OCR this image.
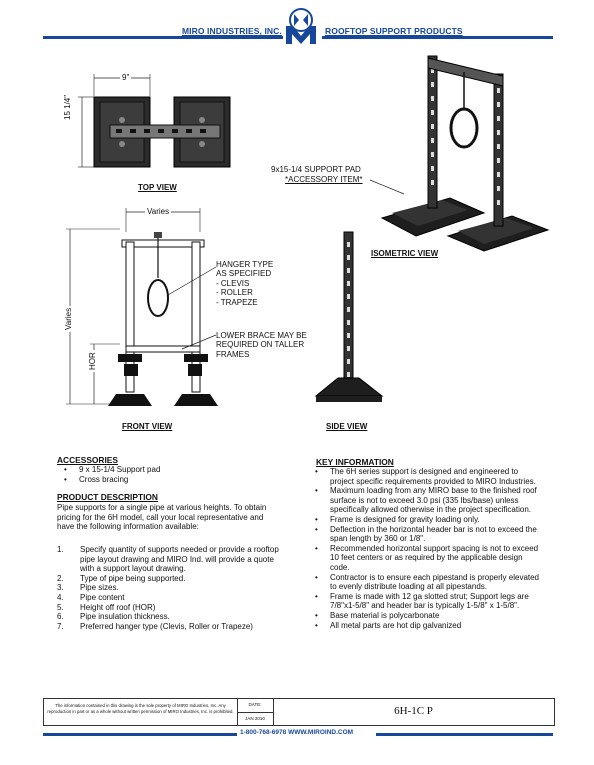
MIRO INDUSTRIES, INC.	ROOFTOP SUPPORT PRODUCTS
9"
15 1/4"
TOP VIEW
9x15-1/4 SUPPORT PAD
*ACCESSORY ITEM*
ISOMETRIC VIEW
Varies
Varies
HOR
HANGER TYPE
AS SPECIFIED
- CLEVIS
- ROLLER
- TRAPEZE
LOWER BRACE MAY BE
REQUIRED ON TALLER
FRAMES
FRONT VIEW	SIDE VIEW
ACCESSORIES
• 9 x 15-1/4 Support pad
• Cross bracing
PRODUCT DESCRIPTION
Pipe supports for a single pipe at various heights. To obtain pricing for the 6H model, call your local representative and have the following information available:
1. Specify quantity of supports needed or provide a rooftop pipe layout drawing and MIRO Ind. will provide a quote with a support layout drawing.
2. Type of pipe being supported.
3. Pipe sizes.
4. Pipe content
5. Height off roof (HOR)
6. Pipe insulation thickness.
7. Preferred hanger type (Clevis, Roller or Trapeze)
KEY INFORMATION
• The 6H series support is designed and engineered to project specific requirements provided to MIRO Industries.
• Maximum loading from any MIRO base to the finished roof surface is not to exceed 3.0 psi (335 lbs/base) unless specifically allowed otherwise in the project specification.
• Frame is designed for gravity loading only.
• Deflection in the horizontal header bar is not to exceed the span length by 360 or 1/8".
• Recommended horizontal support spacing is not to exceed 10 feet centers or as required by the applicable design code.
• Contractor is to ensure each pipestand is properly elevated to evenly distribute loading at all pipestands.
• Frame is made with 12 ga slotted strut; Support legs are 7/8"x1-5/8" and header bar is typically 1-5/8" x 1-5/8".
• Base material is polycarbonate
• All metal parts are hot dip galvanized
The information contained in this drawing is the sole property of MIRO Industries, Inc. Any reproduction in part or as a whole without written permission of MIRO Industries, Inc. is prohibited.
DATE:
JAN 2010
6H-1C P
1-800-768-6978 WWW.MIROIND.COM
